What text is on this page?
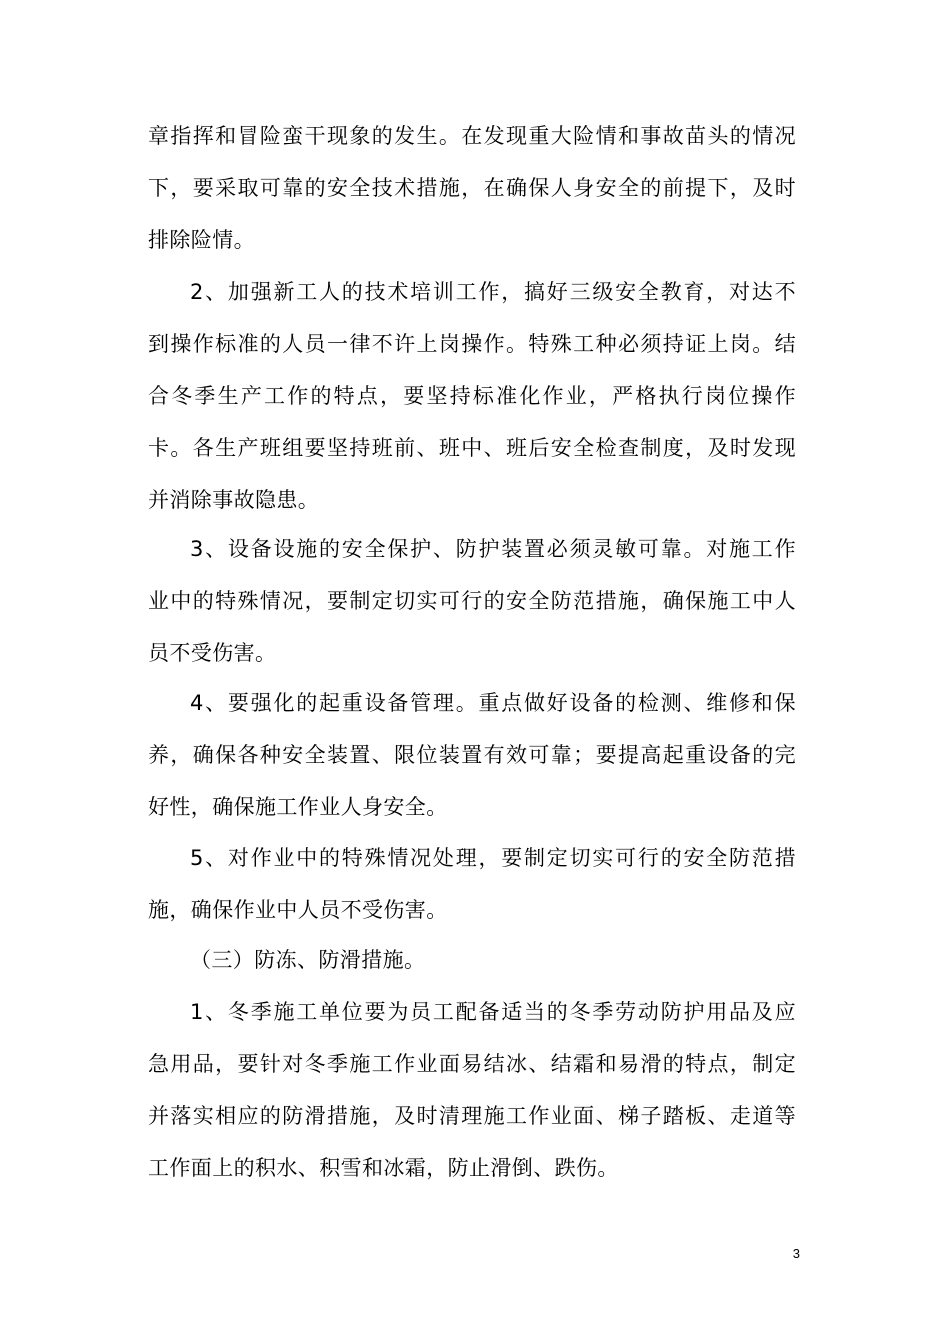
章指挥和冒险蛮干现象的发生。在发现重大险情和事故苗头的情况
下，要采取可靠的安全技术措施，在确保人身安全的前提下，及时
排除险情。
2、加强新工人的技术培训工作，搞好三级安全教育，对达不
到操作标准的人员一律不许上岗操作。特殊工种必须持证上岗。结
合冬季生产工作的特点，要坚持标准化作业，严格执行岗位操作
卡。各生产班组要坚持班前、班中、班后安全检查制度，及时发现
并消除事故隐患。
3、设备设施的安全保护、防护装置必须灵敏可靠。对施工作
业中的特殊情况，要制定切实可行的安全防范措施，确保施工中人
员不受伤害。
4、要强化的起重设备管理。重点做好设备的检测、维修和保
养，确保各种安全装置、限位装置有效可靠；要提高起重设备的完
好性，确保施工作业人身安全。
5、对作业中的特殊情况处理，要制定切实可行的安全防范措
施，确保作业中人员不受伤害。
（三）防冻、防滑措施。
1、冬季施工单位要为员工配备适当的冬季劳动防护用品及应
急用品，要针对冬季施工作业面易结冰、结霜和易滑的特点，制定
并落实相应的防滑措施，及时清理施工作业面、梯子踏板、走道等
工作面上的积水、积雪和冰霜，防止滑倒、跌伤。
3
